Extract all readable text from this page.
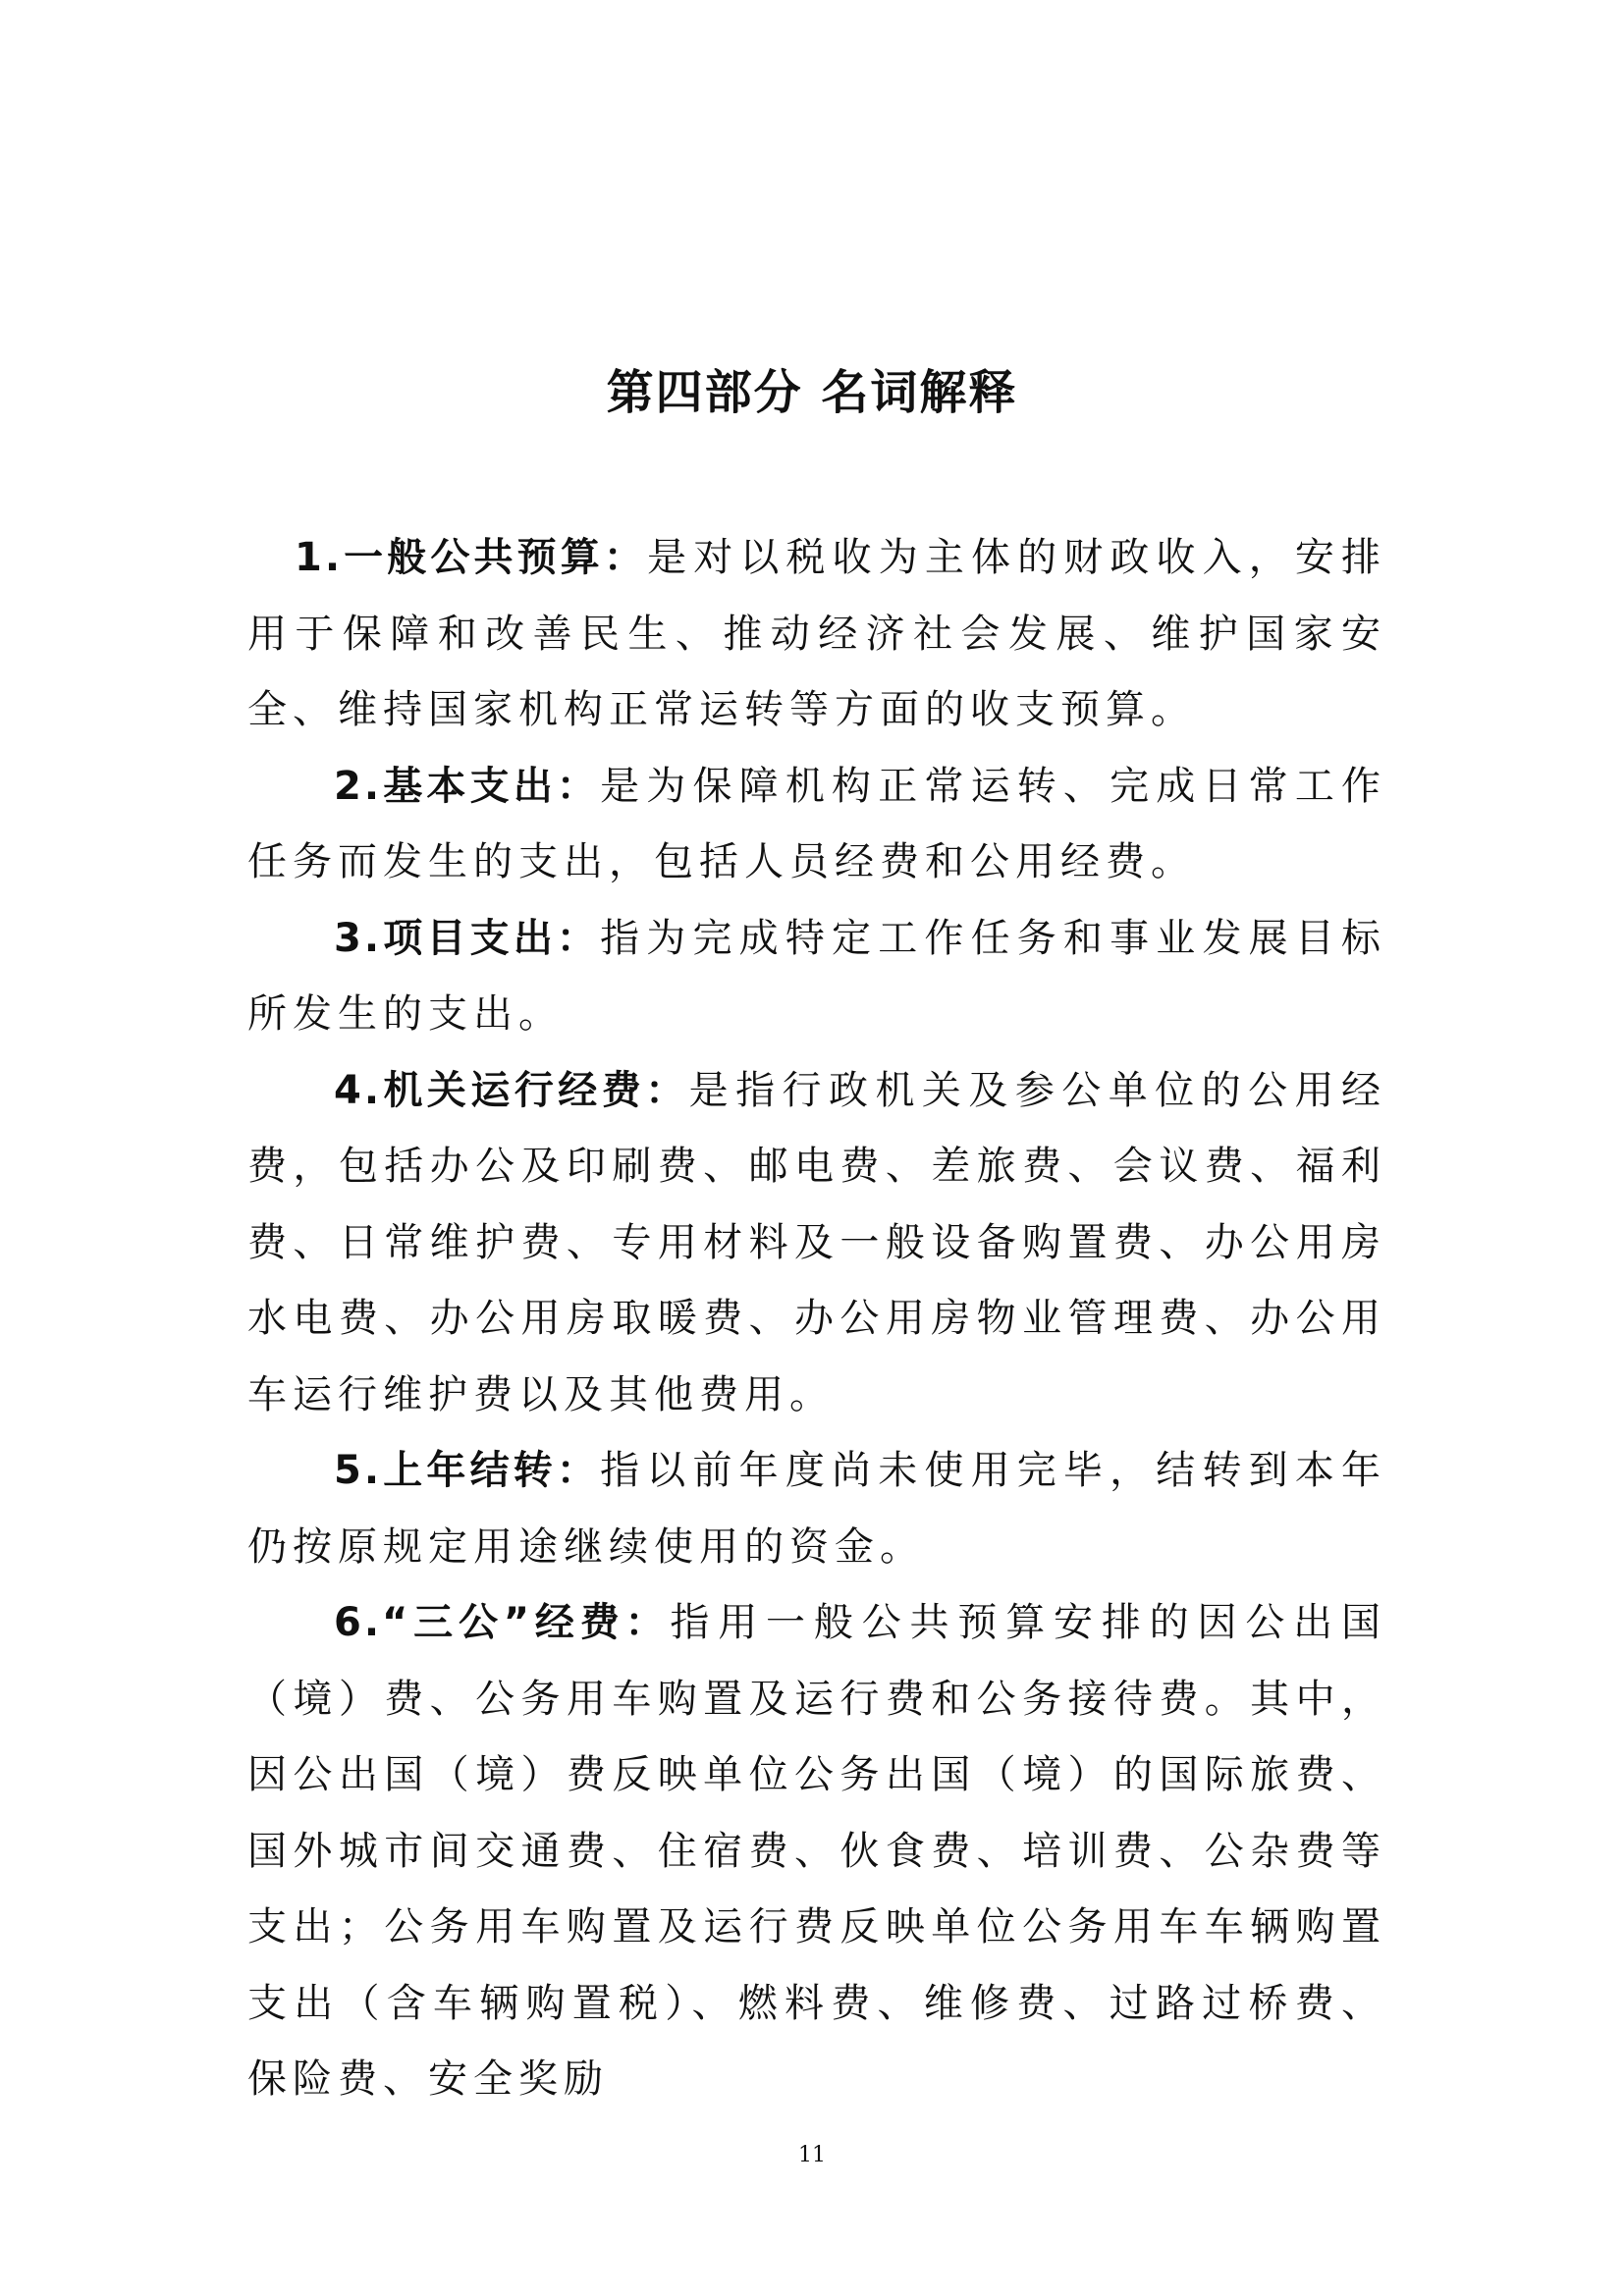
第四部分 名词解释

1.一般公共预算：是对以税收为主体的财政收入，安排用于保障和改善民生、推动经济社会发展、维护国家安全、维持国家机构正常运转等方面的收支预算。

2.基本支出：是为保障机构正常运转、完成日常工作任务而发生的支出，包括人员经费和公用经费。

3.项目支出：指为完成特定工作任务和事业发展目标所发生的支出。

4.机关运行经费：是指行政机关及参公单位的公用经费，包括办公及印刷费、邮电费、差旅费、会议费、福利费、日常维护费、专用材料及一般设备购置费、办公用房水电费、办公用房取暖费、办公用房物业管理费、办公用车运行维护费以及其他费用。

5.上年结转：指以前年度尚未使用完毕，结转到本年仍按原规定用途继续使用的资金。

6.“三公”经费：指用一般公共预算安排的因公出国（境）费、公务用车购置及运行费和公务接待费。其中，因公出国（境）费反映单位公务出国（境）的国际旅费、国外城市间交通费、住宿费、伙食费、培训费、公杂费等支出；公务用车购置及运行费反映单位公务用车车辆购置支出（含车辆购置税）、燃料费、维修费、过路过桥费、保险费、安全奖励

11
